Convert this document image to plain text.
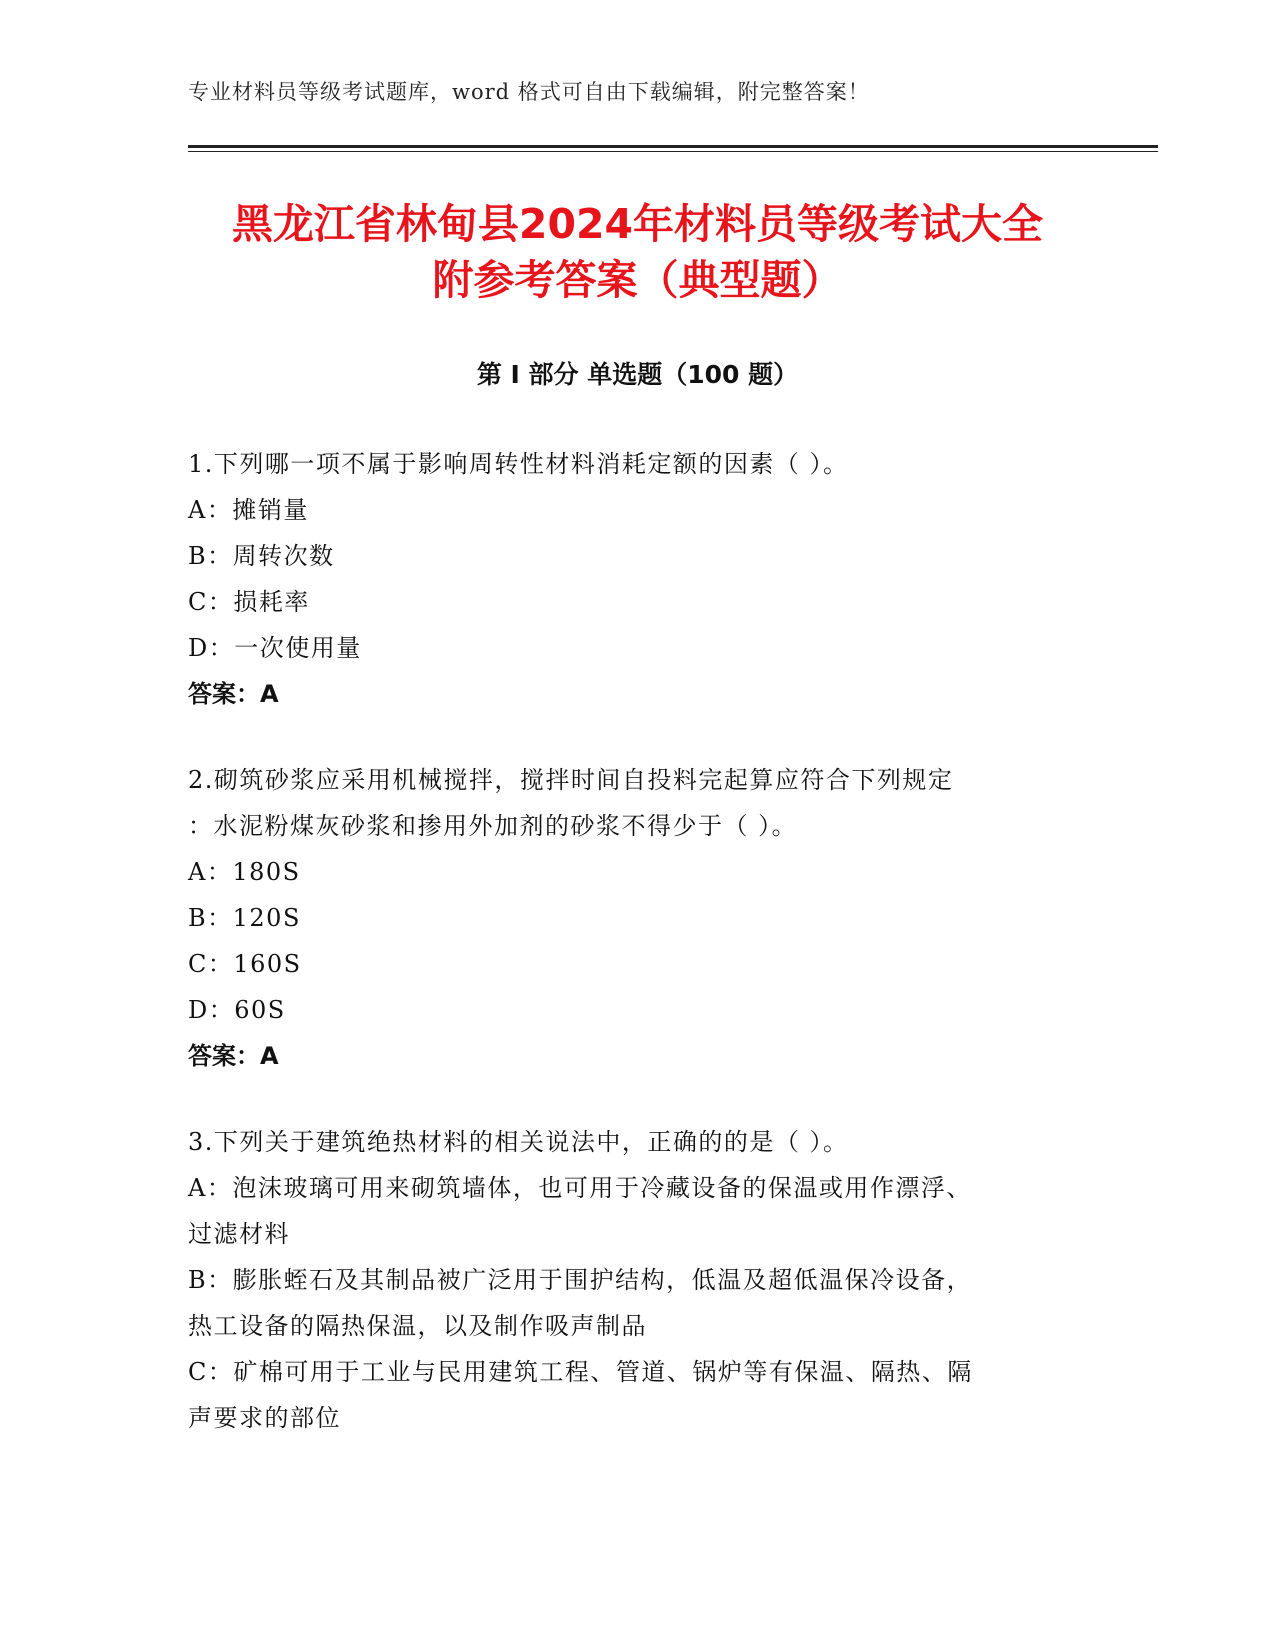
专业材料员等级考试题库，word 格式可自由下载编辑，附完整答案！
黑龙江省林甸县2024年材料员等级考试大全
附参考答案（典型题）
第 I 部分 单选题（100 题）
1.下列哪一项不属于影响周转性材料消耗定额的因素（ ）。
A：摊销量
B：周转次数
C：损耗率
D：一次使用量
答案：A
2.砌筑砂浆应采用机械搅拌，搅拌时间自投料完起算应符合下列规定
：水泥粉煤灰砂浆和掺用外加剂的砂浆不得少于（ ）。
A：180S
B：120S
C：160S
D：60S
答案：A
3.下列关于建筑绝热材料的相关说法中，正确的的是（ ）。
A：泡沫玻璃可用来砌筑墙体，也可用于冷藏设备的保温或用作漂浮、
过滤材料
B：膨胀蛭石及其制品被广泛用于围护结构，低温及超低温保冷设备，
热工设备的隔热保温，以及制作吸声制品
C：矿棉可用于工业与民用建筑工程、管道、锅炉等有保温、隔热、隔
声要求的部位
